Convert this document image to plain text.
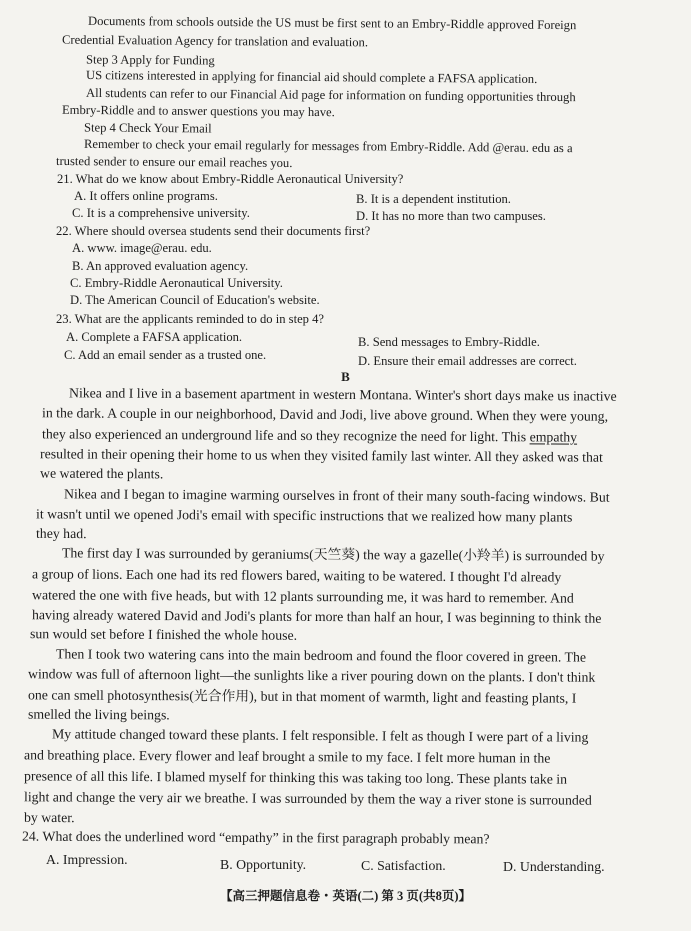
Documents from schools outside the US must be first sent to an Embry-Riddle approved Foreign
Credential Evaluation Agency for translation and evaluation.
Step 3 Apply for Funding
US citizens interested in applying for financial aid should complete a FAFSA application.
All students can refer to our Financial Aid page for information on funding opportunities through
Embry-Riddle and to answer questions you may have.
Step 4 Check Your Email
Remember to check your email regularly for messages from Embry-Riddle. Add @erau. edu as a
trusted sender to ensure our email reaches you.
21. What do we know about Embry-Riddle Aeronautical University?
A. It offers online programs.	B. It is a dependent institution.
C. It is a comprehensive university.	D. It has no more than two campuses.
22. Where should oversea students send their documents first?
A. www. image@erau. edu.
B. An approved evaluation agency.
C. Embry-Riddle Aeronautical University.
D. The American Council of Education's website.
23. What are the applicants reminded to do in step 4?
A. Complete a FAFSA application.	B. Send messages to Embry-Riddle.
C. Add an email sender as a trusted one.	D. Ensure their email addresses are correct.
B
Nikea and I live in a basement apartment in western Montana. Winter's short days make us inactive
in the dark. A couple in our neighborhood, David and Jodi, live above ground. When they were young,
they also experienced an underground life and so they recognize the need for light. This empathy
resulted in their opening their home to us when they visited family last winter. All they asked was that
we watered the plants.
Nikea and I began to imagine warming ourselves in front of their many south-facing windows. But
it wasn't until we opened Jodi's email with specific instructions that we realized how many plants
they had.
The first day I was surrounded by geraniums(天竺葵) the way a gazelle(小羚羊) is surrounded by
a group of lions. Each one had its red flowers bared, waiting to be watered. I thought I'd already
watered the one with five heads, but with 12 plants surrounding me, it was hard to remember. And
having already watered David and Jodi's plants for more than half an hour, I was beginning to think the
sun would set before I finished the whole house.
Then I took two watering cans into the main bedroom and found the floor covered in green. The
window was full of afternoon light—the sunlights like a river pouring down on the plants. I don't think
one can smell photosynthesis(光合作用), but in that moment of warmth, light and feasting plants, I
smelled the living beings.
My attitude changed toward these plants. I felt responsible. I felt as though I were part of a living
and breathing place. Every flower and leaf brought a smile to my face. I felt more human in the
presence of all this life. I blamed myself for thinking this was taking too long. These plants take in
light and change the very air we breathe. I was surrounded by them the way a river stone is surrounded
by water.
24. What does the underlined word “empathy” in the first paragraph probably mean?
A. Impression.	B. Opportunity.	C. Satisfaction.	D. Understanding.
【高三押题信息卷・英语(二) 第 3 页(共8页)】
